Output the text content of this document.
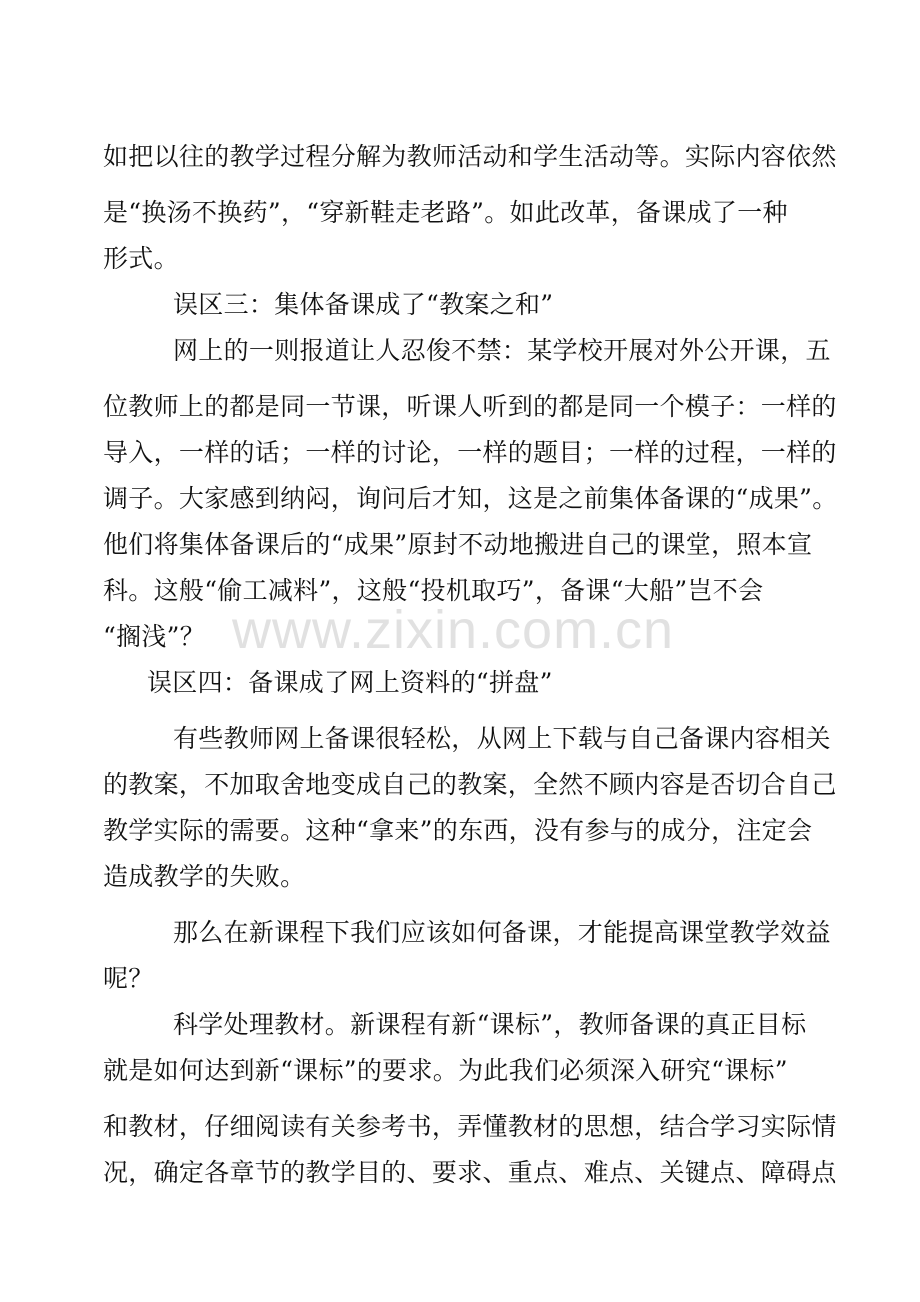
如把以往的教学过程分解为教师活动和学生活动等。实际内容依然
是“换汤不换药”，“穿新鞋走老路”。如此改革，备课成了一种
形式。
误区三：集体备课成了“教案之和”
网上的一则报道让人忍俊不禁：某学校开展对外公开课，五
位教师上的都是同一节课，听课人听到的都是同一个模子：一样的
导入，一样的话；一样的讨论，一样的题目；一样的过程，一样的
调子。大家感到纳闷，询问后才知，这是之前集体备课的“成果”。
他们将集体备课后的“成果”原封不动地搬进自己的课堂，照本宣
科。这般“偷工减料”，这般“投机取巧”，备课“大船”岂不会
“搁浅”？
误区四：备课成了网上资料的“拼盘”
有些教师网上备课很轻松，从网上下载与自己备课内容相关
的教案，不加取舍地变成自己的教案，全然不顾内容是否切合自己
教学实际的需要。这种“拿来”的东西，没有参与的成分，注定会
造成教学的失败。
那么在新课程下我们应该如何备课，才能提高课堂教学效益
呢？
科学处理教材。新课程有新“课标”，教师备课的真正目标
就是如何达到新“课标”的要求。为此我们必须深入研究“课标”
和教材，仔细阅读有关参考书，弄懂教材的思想，结合学习实际情
况，确定各章节的教学目的、要求、重点、难点、关键点、障碍点
www.zixin.com.cn
